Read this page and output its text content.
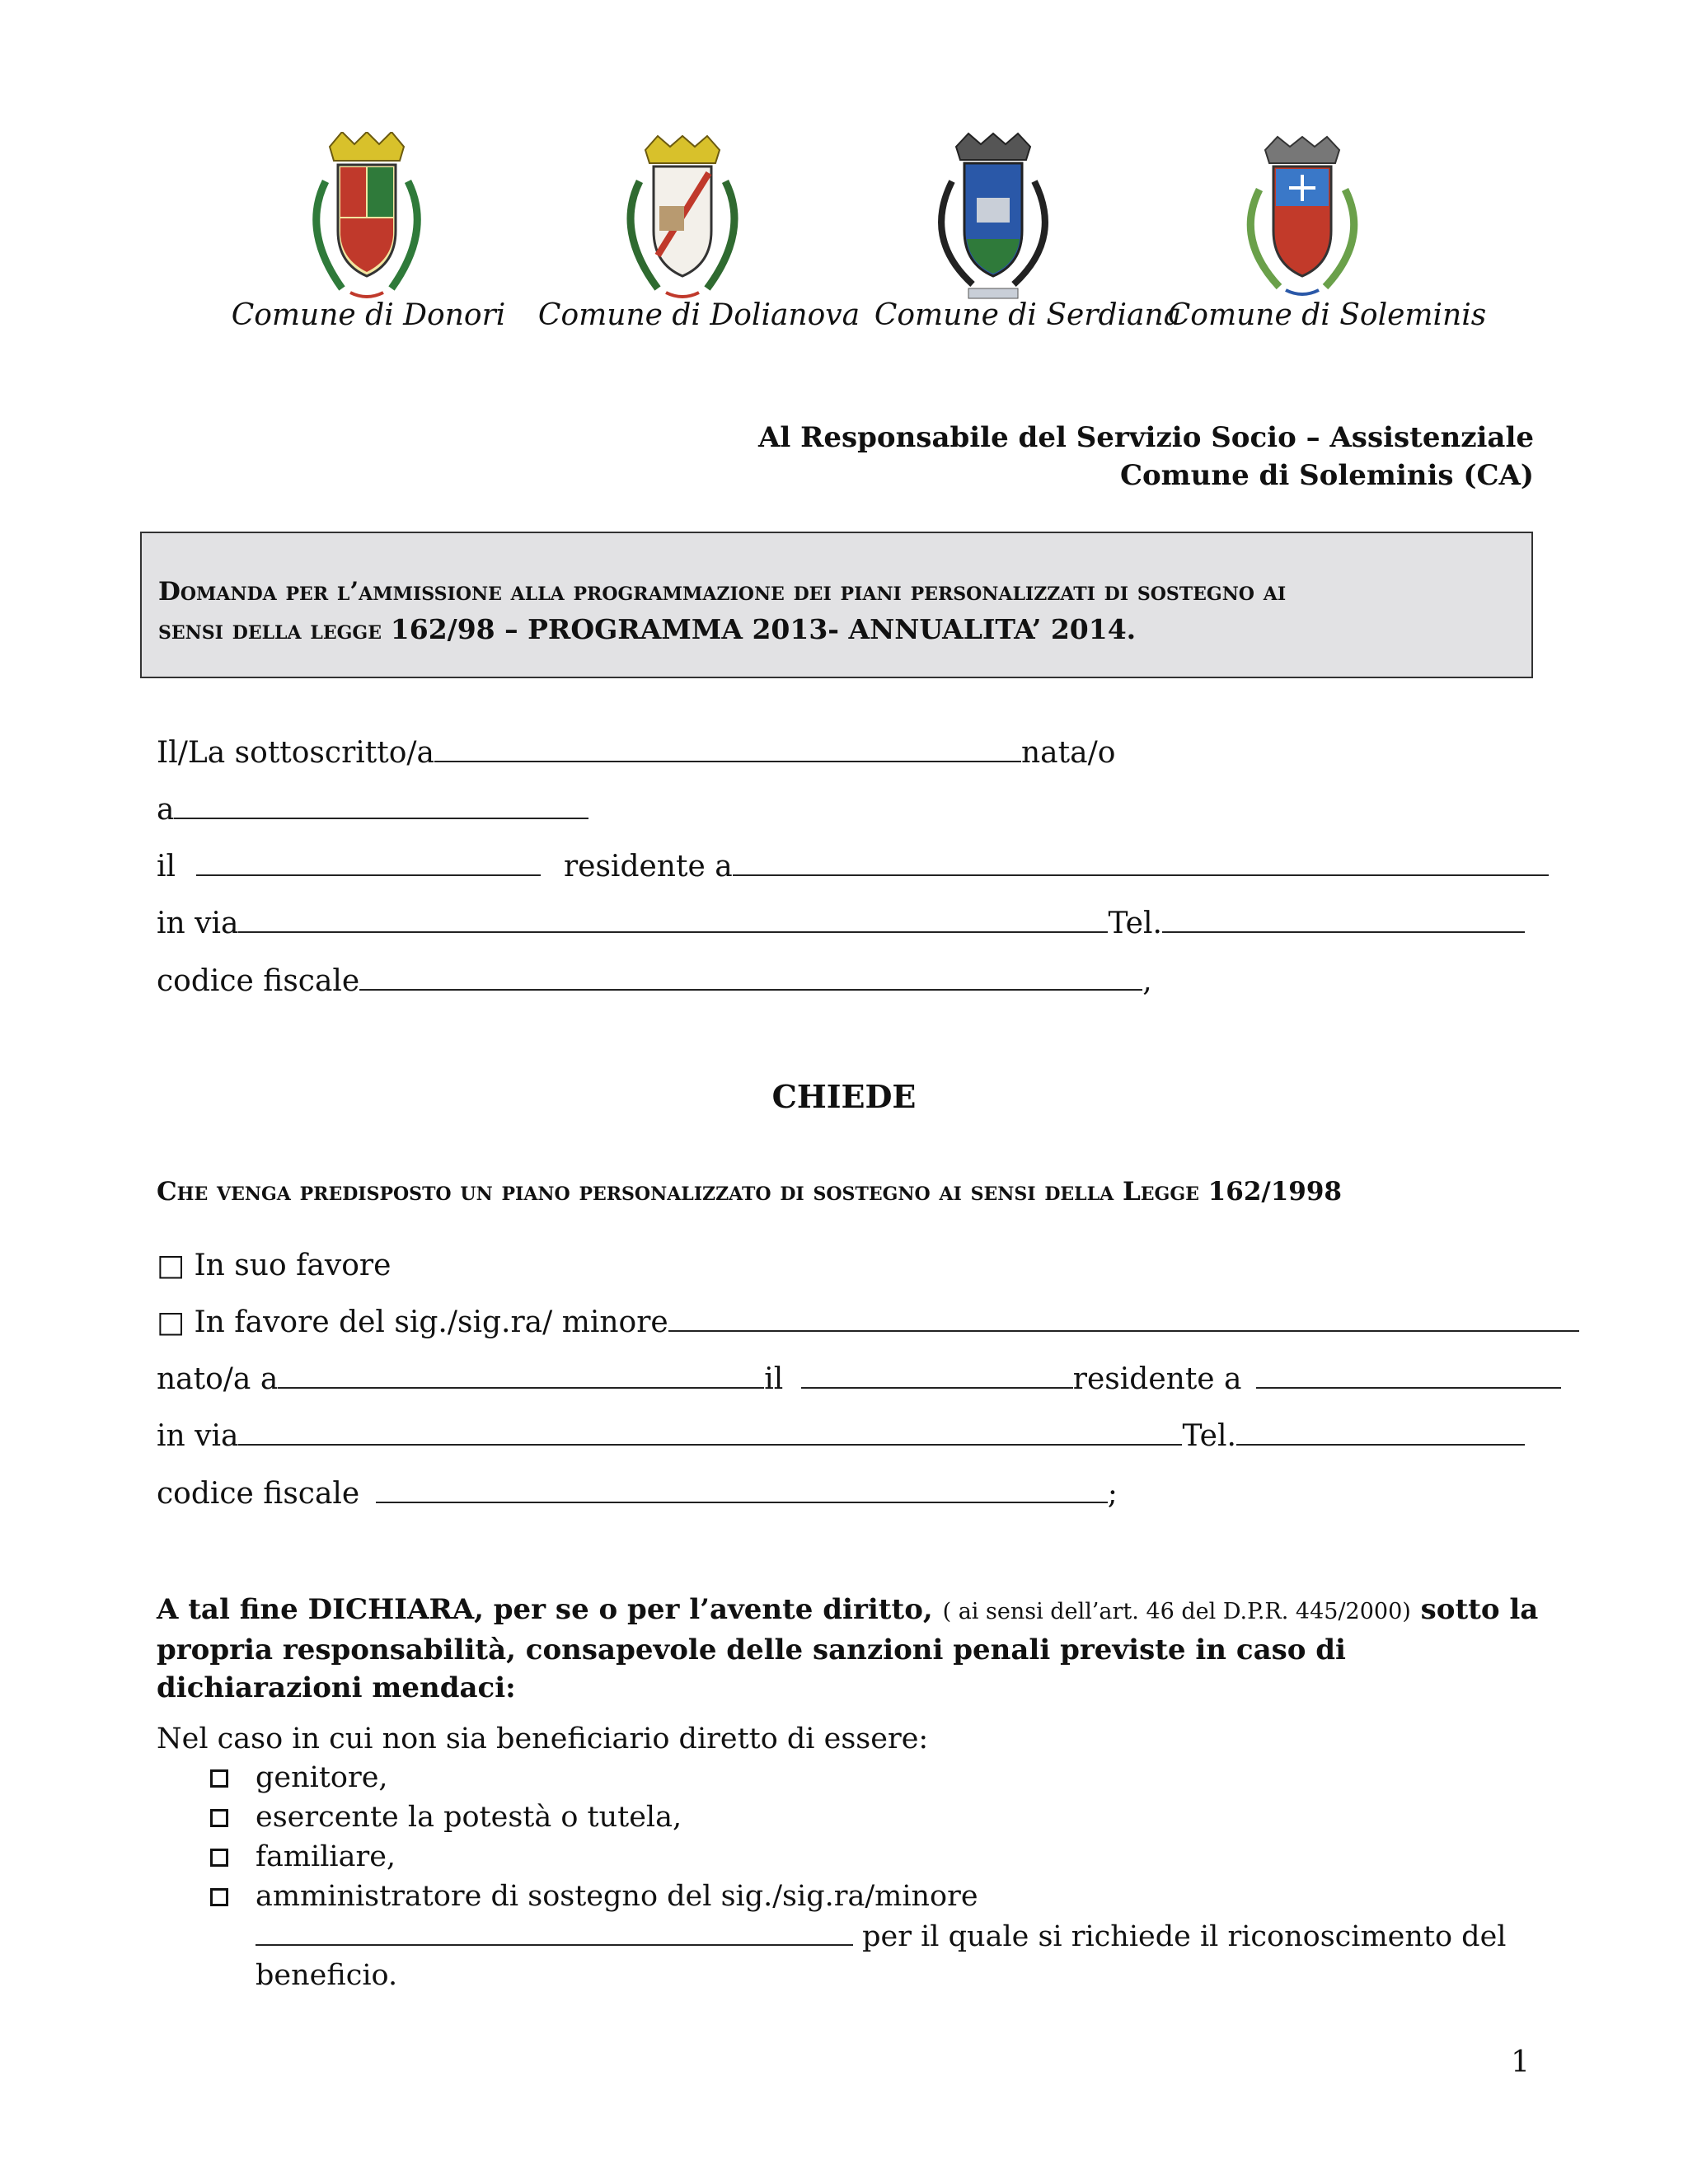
Comune di Donori Comune di Dolianova Comune di Serdiana
Comune di Soleminis
Al Responsabile del Servizio Socio – Assistenziale
Comune di Soleminis (CA)
Domanda per l’ammissione alla programmazione dei piani personalizzati di sostegno ai
sensi della legge 162/98 – PROGRAMMA 2013- ANNUALITA’ 2014.
Il/La sottoscritto/a	nata/o
a
il	residente a
in via	Tel.
codice fiscale	,
CHIEDE
Che venga predisposto un piano personalizzato di sostegno ai sensi della Legge 162/1998
□ In suo favore
□ In favore del sig./sig.ra/ minore
nato/a a	il	residente a
in via	Tel.
codice fiscale	;
A tal fine DICHIARA, per se o per l’avente diritto, ( ai sensi dell’art. 46 del D.P.R. 445/2000) sotto la propria responsabilità, consapevole delle sanzioni penali previste in caso di dichiarazioni mendaci:
Nel caso in cui non sia beneficiario diretto di essere:
genitore,
esercente la potestà o tutela,
familiare,
amministratore di sostegno del sig./sig.ra/minore
per il quale si richiede il riconoscimento del
beneficio.
1
